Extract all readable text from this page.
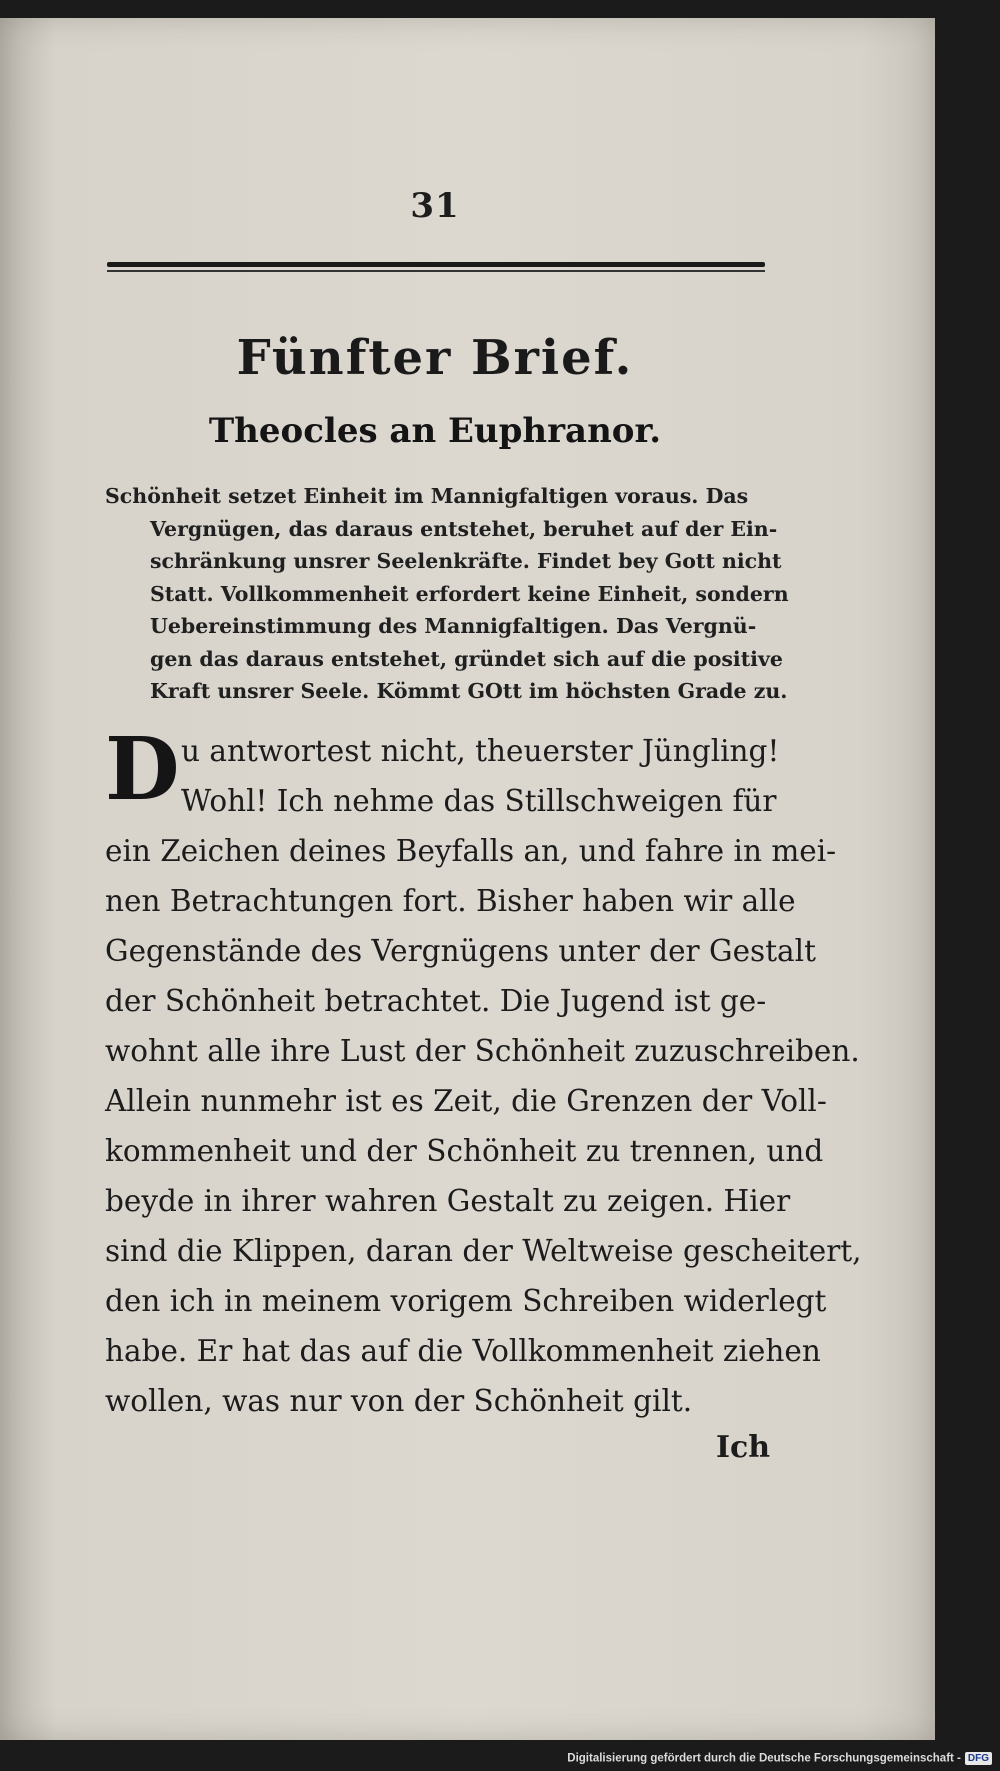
31
Fünfter Brief.
Theocles an Euphranor.
Schönheit setzet Einheit im Mannigfaltigen voraus. Das
Vergnügen, das daraus entstehet, beruhet auf der Ein-
schränkung unsrer Seelenkräfte. Findet bey Gott nicht
Statt. Vollkommenheit erfordert keine Einheit, sondern
Uebereinstimmung des Mannigfaltigen. Das Vergnü-
gen das daraus entstehet, gründet sich auf die positive
Kraft unsrer Seele. Kömmt GOtt im höchsten Grade zu.
D u antwortest nicht, theuerster Jüngling!
Wohl! Ich nehme das Stillschweigen für
ein Zeichen deines Beyfalls an, und fahre in mei-
nen Betrachtungen fort. Bisher haben wir alle
Gegenstände des Vergnügens unter der Gestalt
der Schönheit betrachtet. Die Jugend ist ge-
wohnt alle ihre Lust der Schönheit zuzuschreiben.
Allein nunmehr ist es Zeit, die Grenzen der Voll-
kommenheit und der Schönheit zu trennen, und
beyde in ihrer wahren Gestalt zu zeigen. Hier
sind die Klippen, daran der Weltweise gescheitert,
den ich in meinem vorigem Schreiben widerlegt
habe. Er hat das auf die Vollkommenheit ziehen
wollen, was nur von der Schönheit gilt.
Ich
Digitalisierung gefördert durch die Deutsche Forschungsgemeinschaft - DFG
